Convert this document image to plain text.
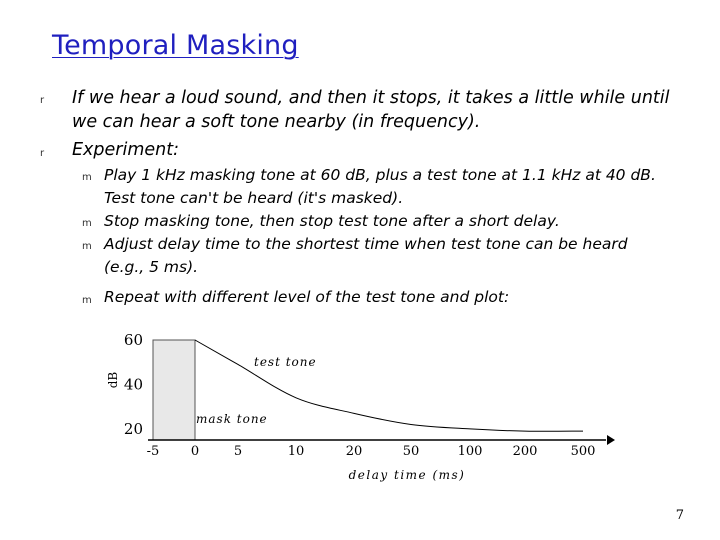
Temporal Masking
r If we hear a loud sound, and then it stops, it takes a little while until we can hear a soft tone nearby (in frequency).
r Experiment:
m Play 1 kHz masking tone at 60 dB, plus a test tone at 1.1 kHz at 40 dB. Test tone can't be heard (it's masked).
m Stop masking tone, then stop test tone after a short delay.
m Adjust delay time to the shortest time when test tone can be heard (e.g., 5 ms).
m Repeat with different level of the test tone and plot:
-5 0	5	10	20	50	100 200	500
20
40
60
dB
delay time (ms)
test tone
mask tone
7
